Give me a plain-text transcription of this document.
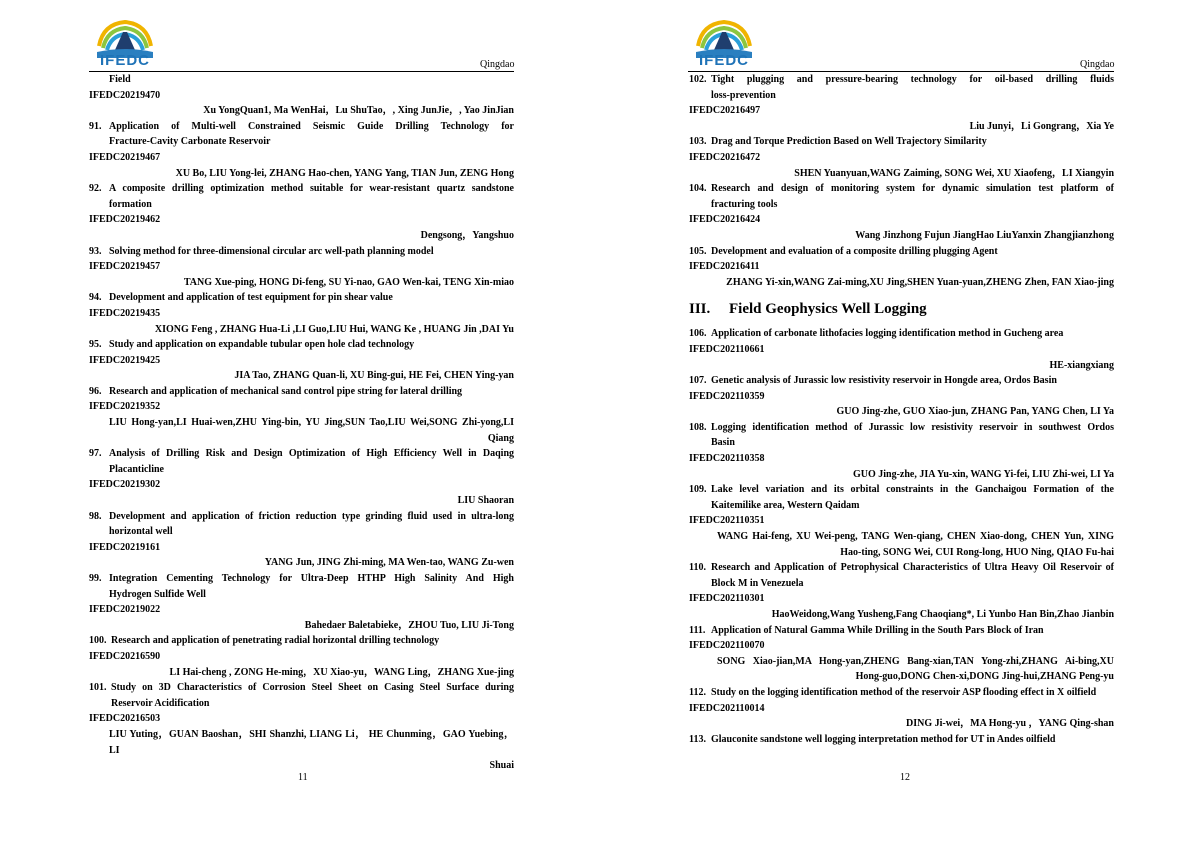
IFEDC	Qingdao
Field
IFEDC20219470
Xu YongQuan1, Ma WenHai，Lu ShuTao，, Xing JunJie，, Yao JinJian
91. Application of Multi-well Constrained Seismic Guide Drilling Technology for
Fracture-Cavity Carbonate Reservoir
IFEDC20219467
XU Bo, LIU Yong-lei, ZHANG Hao-chen, YANG Yang, TIAN Jun, ZENG Hong
92. A composite drilling optimization method suitable for wear-resistant quartz sandstone
formation
IFEDC20219462
Dengsong，Yangshuo
93. Solving method for three-dimensional circular arc well-path planning model
IFEDC20219457
TANG Xue-ping, HONG Di-feng, SU Yi-nao, GAO Wen-kai, TENG Xin-miao
94. Development and application of test equipment for pin shear value
IFEDC20219435
XIONG Feng , ZHANG Hua-Li ,LI Guo,LIU Hui, WANG Ke , HUANG Jin ,DAI Yu
95. Study and application on expandable tubular open hole clad technology
IFEDC20219425
JIA Tao, ZHANG Quan-li, XU Bing-gui, HE Fei, CHEN Ying-yan
96. Research and application of mechanical sand control pipe string for lateral drilling
IFEDC20219352
LIU Hong-yan,LI Huai-wen,ZHU Ying-bin, YU Jing,SUN Tao,LIU Wei,SONG Zhi-yong,LI
Qiang
97. Analysis of Drilling Risk and Design Optimization of High Efficiency Well in Daqing
Placanticline
IFEDC20219302
LIU Shaoran
98. Development and application of friction reduction type grinding fluid used in ultra-long
horizontal well
IFEDC20219161
YANG Jun, JING Zhi-ming, MA Wen-tao, WANG Zu-wen
99. Integration Cementing Technology for Ultra-Deep HTHP High Salinity And High
Hydrogen Sulfide Well
IFEDC20219022
Bahedaer Baletabieke，ZHOU Tuo, LIU Ji-Tong
100. Research and application of penetrating radial horizontal drilling technology
IFEDC20216590
LI Hai-cheng , ZONG He-ming，XU Xiao-yu，WANG Ling，ZHANG Xue-jing
101. Study on 3D Characteristics of Corrosion Steel Sheet on Casing Steel Surface during
Reservoir Acidification
IFEDC20216503
LIU Yuting，GUAN Baoshan，SHI Shanzhi, LIANG Li， HE Chunming，GAO Yuebing，LI
Shuai
11
IFEDC	Qingdao
102. Tight plugging and pressure-bearing technology for oil-based drilling fluids
loss-prevention
IFEDC20216497
Liu Junyi，Li Gongrang，Xia Ye
103. Drag and Torque Prediction Based on Well Trajectory Similarity
IFEDC20216472
SHEN Yuanyuan,WANG Zaiming, SONG Wei, XU Xiaofeng，LI Xiangyin
104. Research and design of monitoring system for dynamic simulation test platform of
fracturing tools
IFEDC20216424
Wang Jinzhong Fujun JiangHao LiuYanxin Zhangjianzhong
105. Development and evaluation of a composite drilling plugging Agent
IFEDC20216411
ZHANG Yi-xin,WANG Zai-ming,XU Jing,SHEN Yuan-yuan,ZHENG Zhen, FAN Xiao-jing
III. Field Geophysics Well Logging
106. Application of carbonate lithofacies logging identification method in Gucheng area
IFEDC202110661
HE-xiangxiang
107. Genetic analysis of Jurassic low resistivity reservoir in Hongde area, Ordos Basin
IFEDC202110359
GUO Jing-zhe, GUO Xiao-jun, ZHANG Pan, YANG Chen, LI Ya
108. Logging identification method of Jurassic low resistivity reservoir in southwest Ordos
Basin
IFEDC202110358
GUO Jing-zhe, JIA Yu-xin, WANG Yi-fei, LIU Zhi-wei, LI Ya
109. Lake level variation and its orbital constraints in the Ganchaigou Formation of the
Kaitemilike area, Western Qaidam
IFEDC202110351
WANG Hai-feng, XU Wei-peng, TANG Wen-qiang, CHEN Xiao-dong, CHEN Yun, XING
Hao-ting, SONG Wei, CUI Rong-long, HUO Ning, QIAO Fu-hai
110. Research and Application of Petrophysical Characteristics of Ultra Heavy Oil Reservoir of
Block M in Venezuela
IFEDC202110301
HaoWeidong,Wang Yusheng,Fang Chaoqiang*, Li Yunbo Han Bin,Zhao Jianbin
111. Application of Natural Gamma While Drilling in the South Pars Block of Iran
IFEDC202110070
SONG Xiao-jian,MA Hong-yan,ZHENG Bang-xian,TAN Yong-zhi,ZHANG Ai-bing,XU
Hong-guo,DONG Chen-xi,DONG Jing-hui,ZHANG Peng-yu
112. Study on the logging identification method of the reservoir ASP flooding effect in X oilfield
IFEDC202110014
DING Ji-wei，MA Hong-yu ，YANG Qing-shan
113. Glauconite sandstone well logging interpretation method for UT in Andes oilfield
12
